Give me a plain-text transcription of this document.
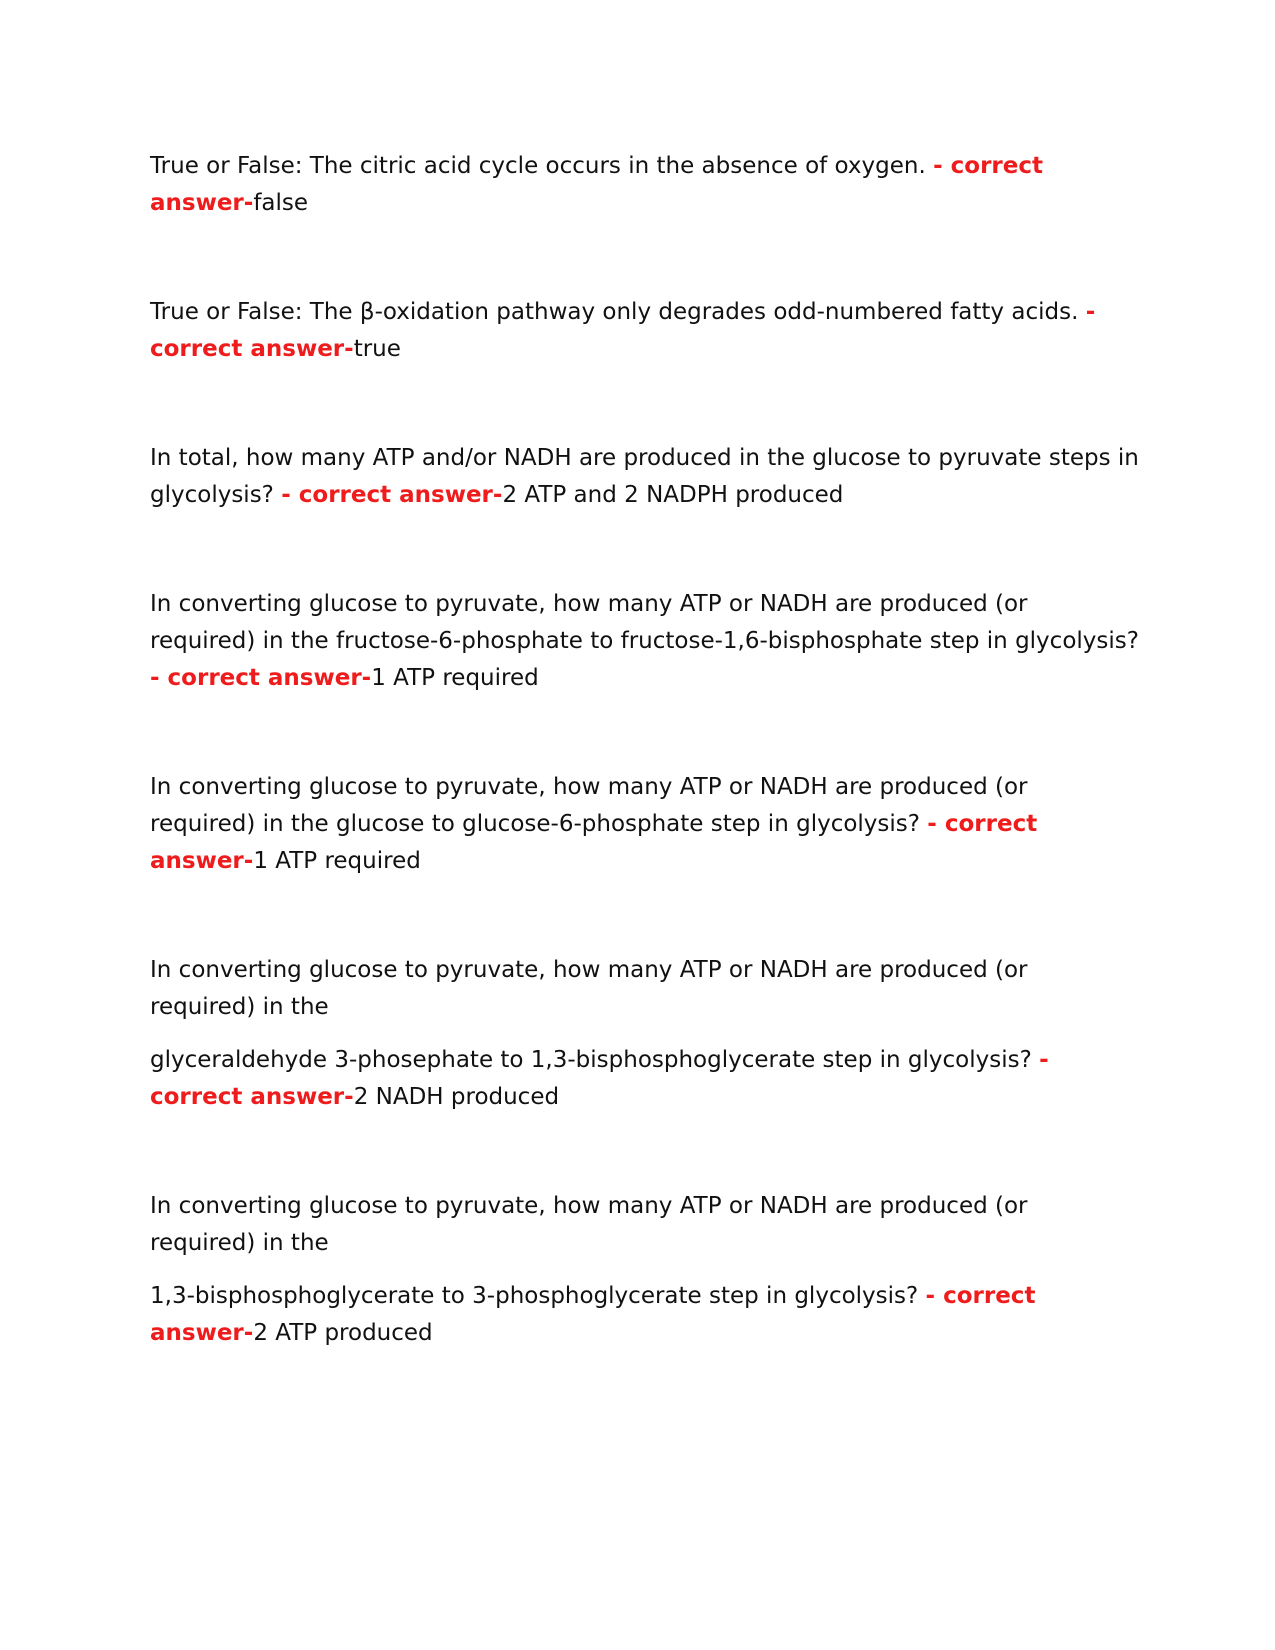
True or False: The citric acid cycle occurs in the absence of oxygen. - correct answer-false

True or False: The β-oxidation pathway only degrades odd-numbered fatty acids. - correct answer-true

In total, how many ATP and/or NADH are produced in the glucose to pyruvate steps in glycolysis? - correct answer-2 ATP and 2 NADPH produced

In converting glucose to pyruvate, how many ATP or NADH are produced (or required) in the fructose-6-phosphate to fructose-1,6-bisphosphate step in glycolysis? - correct answer-1 ATP required

In converting glucose to pyruvate, how many ATP or NADH are produced (or required) in the glucose to glucose-6-phosphate step in glycolysis? - correct answer-1 ATP required

In converting glucose to pyruvate, how many ATP or NADH are produced (or required) in the

glyceraldehyde 3-phosephate to 1,3-bisphosphoglycerate step in glycolysis? - correct answer-2 NADH produced

In converting glucose to pyruvate, how many ATP or NADH are produced (or required) in the

1,3-bisphosphoglycerate to 3-phosphoglycerate step in glycolysis? - correct answer-2 ATP produced
